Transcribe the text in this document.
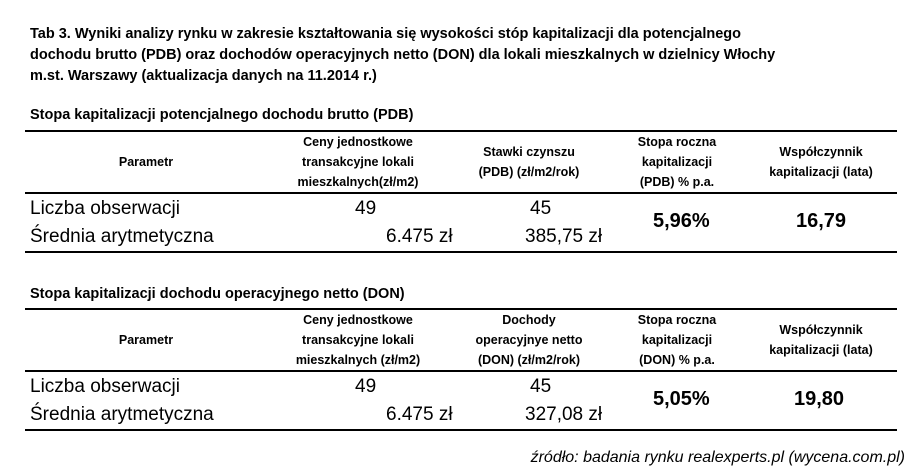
Tab 3. Wyniki analizy rynku w zakresie kształtowania się wysokości stóp kapitalizacji dla potencjalnego
dochodu brutto (PDB) oraz dochodów operacyjnych netto (DON) dla lokali mieszkalnych w dzielnicy Włochy
m.st. Warszawy (aktualizacja danych na 11.2014 r.)
Stopa kapitalizacji potencjalnego dochodu brutto (PDB)
Parametr
Ceny jednostkowe
transakcyjne lokali
mieszkalnych(zł/m2)
Stawki czynszu
(PDB) (zł/m2/rok)
Stopa roczna
kapitalizacji
(PDB) % p.a.
Współczynnik
kapitalizacji (lata)
Liczba obserwacji
Średnia arytmetyczna
49
6.475 zł
45
385,75 zł
5,96%	16,79
Stopa kapitalizacji dochodu operacyjnego netto (DON)
Parametr
Ceny jednostkowe
transakcyjne lokali
mieszkalnych (zł/m2)
Dochody
operacyjnye netto
(DON) (zł/m2/rok)
Stopa roczna
kapitalizacji
(DON) % p.a.
Współczynnik
kapitalizacji (lata)
Liczba obserwacji
Średnia arytmetyczna
49
6.475 zł
45
327,08 zł
5,05%	19,80
źródło: badania rynku realexperts.pl (wycena.com.pl)
